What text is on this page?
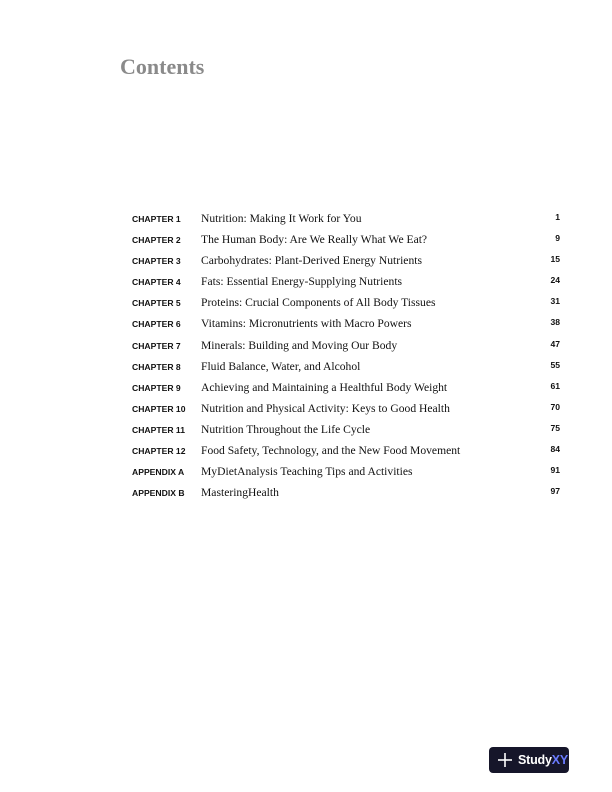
Contents
CHAPTER 1	Nutrition: Making It Work for You	1
CHAPTER 2	The Human Body: Are We Really What We Eat?	9
CHAPTER 3	Carbohydrates: Plant-Derived Energy Nutrients	15
CHAPTER 4	Fats: Essential Energy-Supplying Nutrients	24
CHAPTER 5	Proteins: Crucial Components of All Body Tissues	31
CHAPTER 6	Vitamins: Micronutrients with Macro Powers	38
CHAPTER 7	Minerals: Building and Moving Our Body	47
CHAPTER 8	Fluid Balance, Water, and Alcohol	55
CHAPTER 9	Achieving and Maintaining a Healthful Body Weight	61
CHAPTER 10	Nutrition and Physical Activity: Keys to Good Health	70
CHAPTER 11	Nutrition Throughout the Life Cycle	75
CHAPTER 12	Food Safety, Technology, and the New Food Movement	84
APPENDIX A	MyDietAnalysis Teaching Tips and Activities	91
APPENDIX B	MasteringHealth	97
StudyXY
